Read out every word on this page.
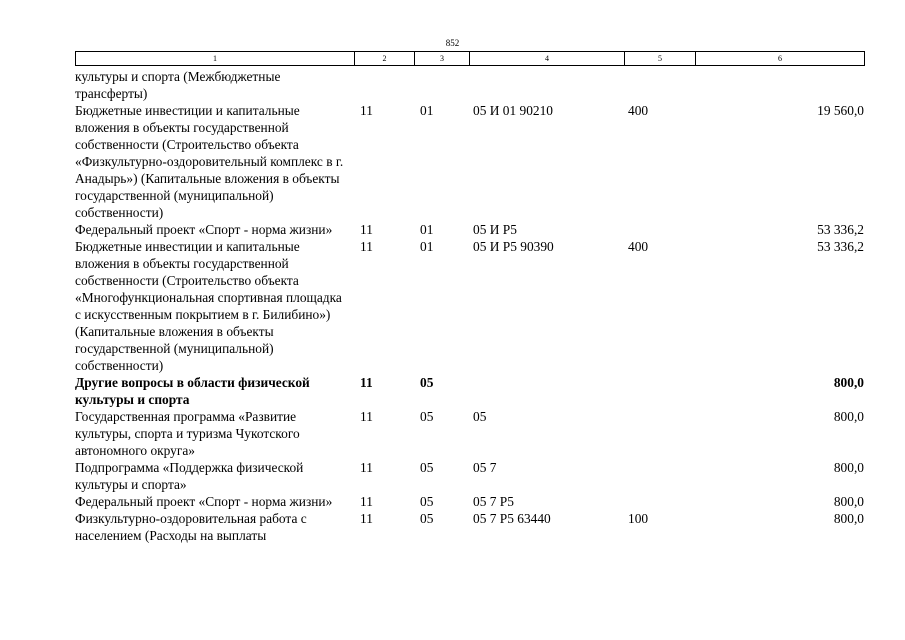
852
1	2	3	4	5	6
культуры и спорта (Межбюджетные трансферты)					
Бюджетные инвестиции и капитальные вложения в объекты государственной собственности (Строительство объекта «Физкультурно-оздоровительный комплекс в г. Анадырь») (Капитальные вложения в объекты государственной (муниципальной) собственности)	11	01	05 И 01 90210	400	19 560,0
Федеральный проект «Спорт - норма жизни»	11	01	05 И P5		53 336,2
Бюджетные инвестиции и капитальные вложения в объекты государственной собственности (Строительство объекта «Многофункциональная спортивная площадка с искусственным покрытием в г. Билибино») (Капитальные вложения в объекты государственной (муниципальной) собственности)	11	01	05 И P5 90390	400	53 336,2
Другие вопросы в области физической культуры и спорта	11	05			800,0
Государственная программа «Развитие культуры, спорта и туризма Чукотского автономного округа»	11	05	05		800,0
Подпрограмма «Поддержка физической культуры и спорта»	11	05	05 7		800,0
Федеральный проект «Спорт - норма жизни»	11	05	05 7 P5		800,0
Физкультурно-оздоровительная работа с населением (Расходы на выплаты	11	05	05 7 P5 63440	100	800,0
